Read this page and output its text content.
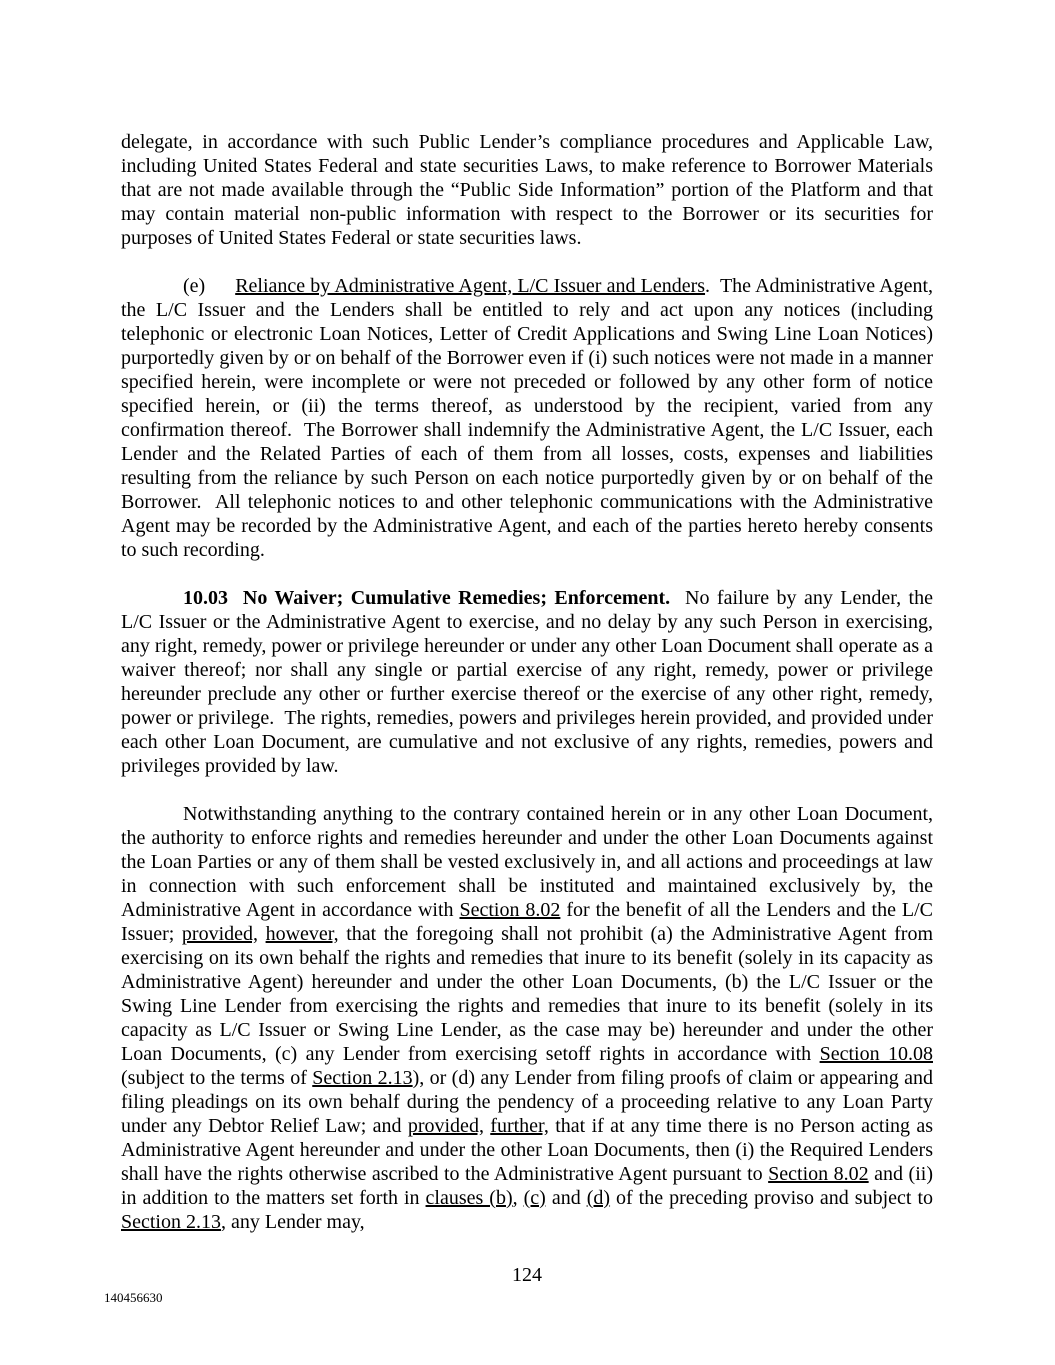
delegate, in accordance with such Public Lender’s compliance procedures and Applicable Law, including United States Federal and state securities Laws, to make reference to Borrower Materials that are not made available through the “Public Side Information” portion of the Platform and that may contain material non-public information with respect to the Borrower or its securities for purposes of United States Federal or state securities laws.

(e) Reliance by Administrative Agent, L/C Issuer and Lenders.  The Administrative Agent, the L/C Issuer and the Lenders shall be entitled to rely and act upon any notices (including telephonic or electronic Loan Notices, Letter of Credit Applications and Swing Line Loan Notices) purportedly given by or on behalf of the Borrower even if (i) such notices were not made in a manner specified herein, were incomplete or were not preceded or followed by any other form of notice specified herein, or (ii) the terms thereof, as understood by the recipient, varied from any confirmation thereof.  The Borrower shall indemnify the Administrative Agent, the L/C Issuer, each Lender and the Related Parties of each of them from all losses, costs, expenses and liabilities resulting from the reliance by such Person on each notice purportedly given by or on behalf of the Borrower.  All telephonic notices to and other telephonic communications with the Administrative Agent may be recorded by the Administrative Agent, and each of the parties hereto hereby consents to such recording.

10.03  No Waiver; Cumulative Remedies; Enforcement.  No failure by any Lender, the L/C Issuer or the Administrative Agent to exercise, and no delay by any such Person in exercising, any right, remedy, power or privilege hereunder or under any other Loan Document shall operate as a waiver thereof; nor shall any single or partial exercise of any right, remedy, power or privilege hereunder preclude any other or further exercise thereof or the exercise of any other right, remedy, power or privilege.  The rights, remedies, powers and privileges herein provided, and provided under each other Loan Document, are cumulative and not exclusive of any rights, remedies, powers and privileges provided by law.

Notwithstanding anything to the contrary contained herein or in any other Loan Document, the authority to enforce rights and remedies hereunder and under the other Loan Documents against the Loan Parties or any of them shall be vested exclusively in, and all actions and proceedings at law in connection with such enforcement shall be instituted and maintained exclusively by, the Administrative Agent in accordance with Section 8.02 for the benefit of all the Lenders and the L/C Issuer; provided, however, that the foregoing shall not prohibit (a) the Administrative Agent from exercising on its own behalf the rights and remedies that inure to its benefit (solely in its capacity as Administrative Agent) hereunder and under the other Loan Documents, (b) the L/C Issuer or the Swing Line Lender from exercising the rights and remedies that inure to its benefit (solely in its capacity as L/C Issuer or Swing Line Lender, as the case may be) hereunder and under the other Loan Documents, (c) any Lender from exercising setoff rights in accordance with Section 10.08 (subject to the terms of Section 2.13), or (d) any Lender from filing proofs of claim or appearing and filing pleadings on its own behalf during the pendency of a proceeding relative to any Loan Party under any Debtor Relief Law; and provided, further, that if at any time there is no Person acting as Administrative Agent hereunder and under the other Loan Documents, then (i) the Required Lenders shall have the rights otherwise ascribed to the Administrative Agent pursuant to Section 8.02 and (ii) in addition to the matters set forth in clauses (b), (c) and (d) of the preceding proviso and subject to Section 2.13, any Lender may,

124
140456630
